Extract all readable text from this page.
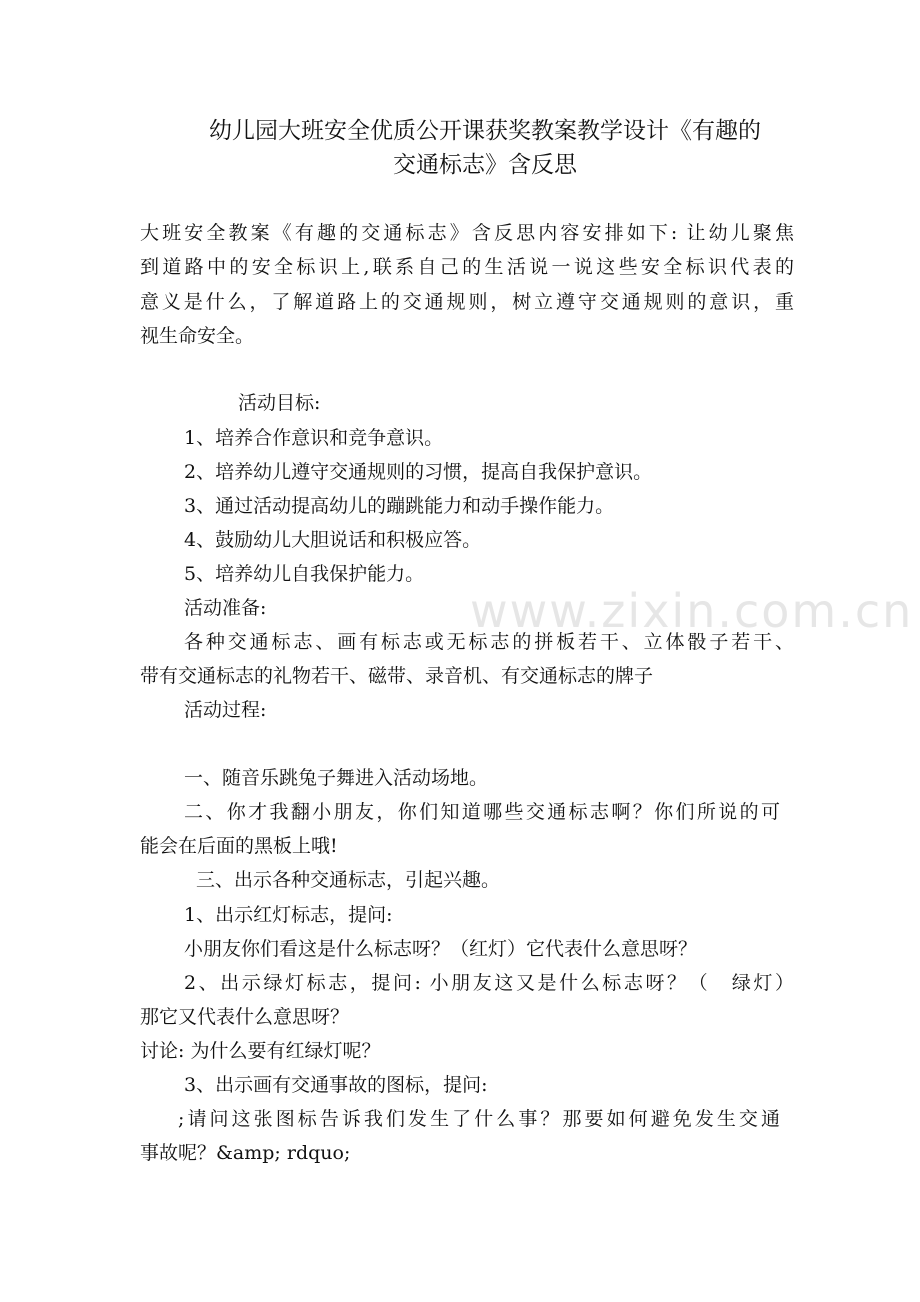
www.zixin.com.cn
幼儿园大班安全优质公开课获奖教案教学设计《有趣的
交通标志》含反思
大班安全教案《有趣的交通标志》含反思内容安排如下: 让幼儿聚焦
到道路中的安全标识上,联系自己的生活说一说这些安全标识代表的
意义是什么，了解道路上的交通规则，树立遵守交通规则的意识，重
视生命安全。
活动目标:
1、培养合作意识和竞争意识。
2、培养幼儿遵守交通规则的习惯，提高自我保护意识。
3、通过活动提高幼儿的蹦跳能力和动手操作能力。
4、鼓励幼儿大胆说话和积极应答。
5、培养幼儿自我保护能力。
活动准备:
各种交通标志、画有标志或无标志的拼板若干、立体骰子若干、
带有交通标志的礼物若干、磁带、录音机、有交通标志的牌子
活动过程:
一、随音乐跳兔子舞进入活动场地。
二、你才我翻小朋友，你们知道哪些交通标志啊？你们所说的可
能会在后面的黑板上哦!
三、出示各种交通标志，引起兴趣。
1、出示红灯标志，提问:
小朋友你们看这是什么标志呀？（红灯）它代表什么意思呀？
2、出示绿灯标志，提问: 小朋友这又是什么标志呀？（　绿灯）
那它又代表什么意思呀？
讨论: 为什么要有红绿灯呢？
3、出示画有交通事故的图标，提问:
;请问这张图标告诉我们发生了什么事？那要如何避免发生交通
事故呢？&amp; rdquo;
